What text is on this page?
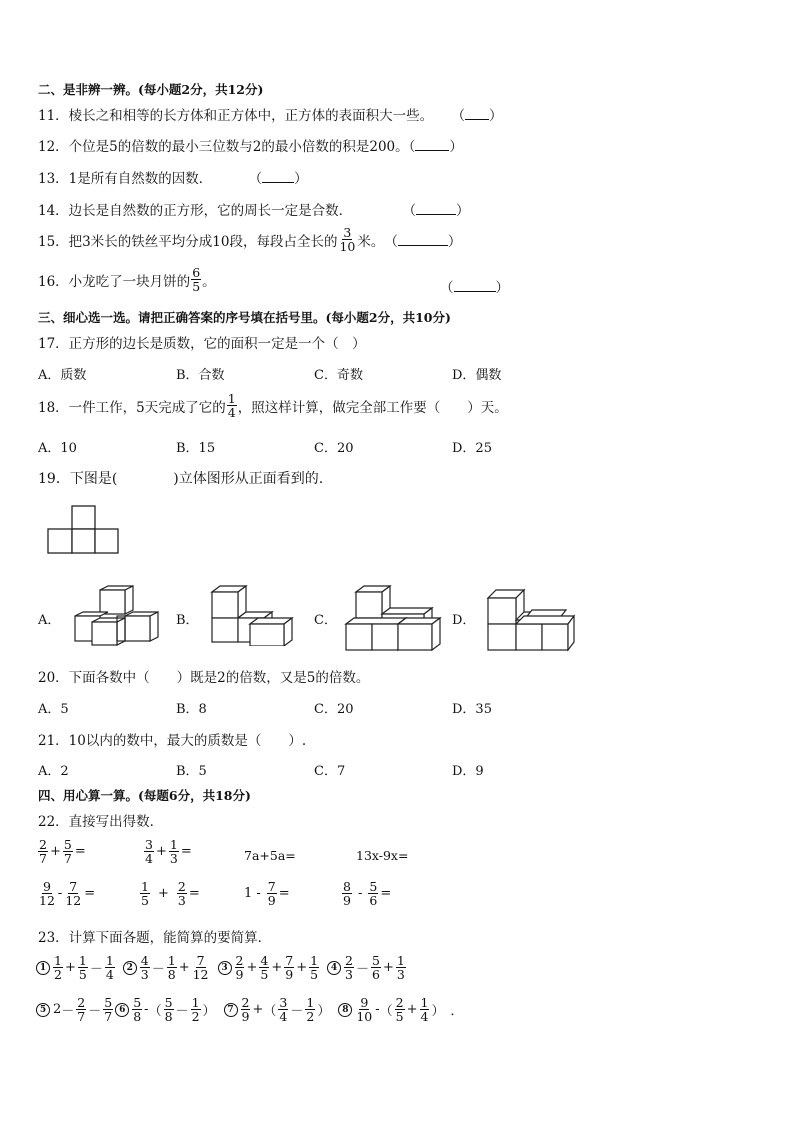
二、是非辨一辨。(每小题2分，共12分)
11．棱长之和相等的长方体和正方体中，正方体的表面积大一些。 （ ）
12．个位是5的倍数的最小三位数与2的最小倍数的积是200。（	）
13．1是所有自然数的因数．	（ ）
14．边长是自然数的正方形，它的周长一定是合数．	（	）
15．把3米长的铁丝平均分成10段，每段占全长的 $\frac{3}{10}$ 米。 （	）
16．小龙吃了一块月饼的 $\frac{6}{5}$ 。	（	）
三、细心选一选。请把正确答案的序号填在括号里。(每小题2分，共10分)
17．正方形的边长是质数，它的面积一定是一个（　）
A．质数	B．合数	C．奇数	D．偶数
18．一件工作，5天完成了它的 $\frac{1}{4}$ ，照这样计算，做完全部工作要（　　）天。
A．10	B．15	C．20	D．25
19．下图是(　　　　)立体图形从正面看到的.
A．	B．	C．	D．
20．下面各数中（　　）既是2的倍数，又是5的倍数。
A．5	B．8	C．20	D．35
21．10以内的数中，最大的质数是（　　）.
A．2	B．5	C．7	D．9
四、用心算一算。(每题6分，共18分)
22．直接写出得数．
$\frac{2}{7} + \frac{5}{7}$ =	$\frac{3}{4} + \frac{1}{3}$ =	7a+5a=	13x-9x=
$\frac{9}{12} - \frac{7}{12}$ =	$\frac{1}{5} + \frac{2}{3}$ =	$1 - \frac{7}{9}$ =	$\frac{8}{9} - \frac{5}{6}$ =
23．计算下面各题，能简算的要简算．
$1 \frac{1}{2} + \frac{1}{5} - \frac{1}{4}$	$2 \frac{4}{3} - \frac{1}{8} + \frac{7}{12}$	$3 \frac{2}{9} + \frac{4}{5} + \frac{7}{9} + \frac{1}{5}$	$4 \frac{2}{3} - \frac{5}{6} + \frac{1}{3}$
5 $2 - \frac{2}{7} - \frac{5}{7} 6 \frac{5}{8}$ - （ $\frac{5}{8} - \frac{1}{2}$ ）	$7 \frac{2}{9}$ + （ $\frac{3}{4} - \frac{1}{2}$ ）	$8 \frac{9}{10}$ - （ $\frac{2}{5} + \frac{1}{4}$ ） ．
